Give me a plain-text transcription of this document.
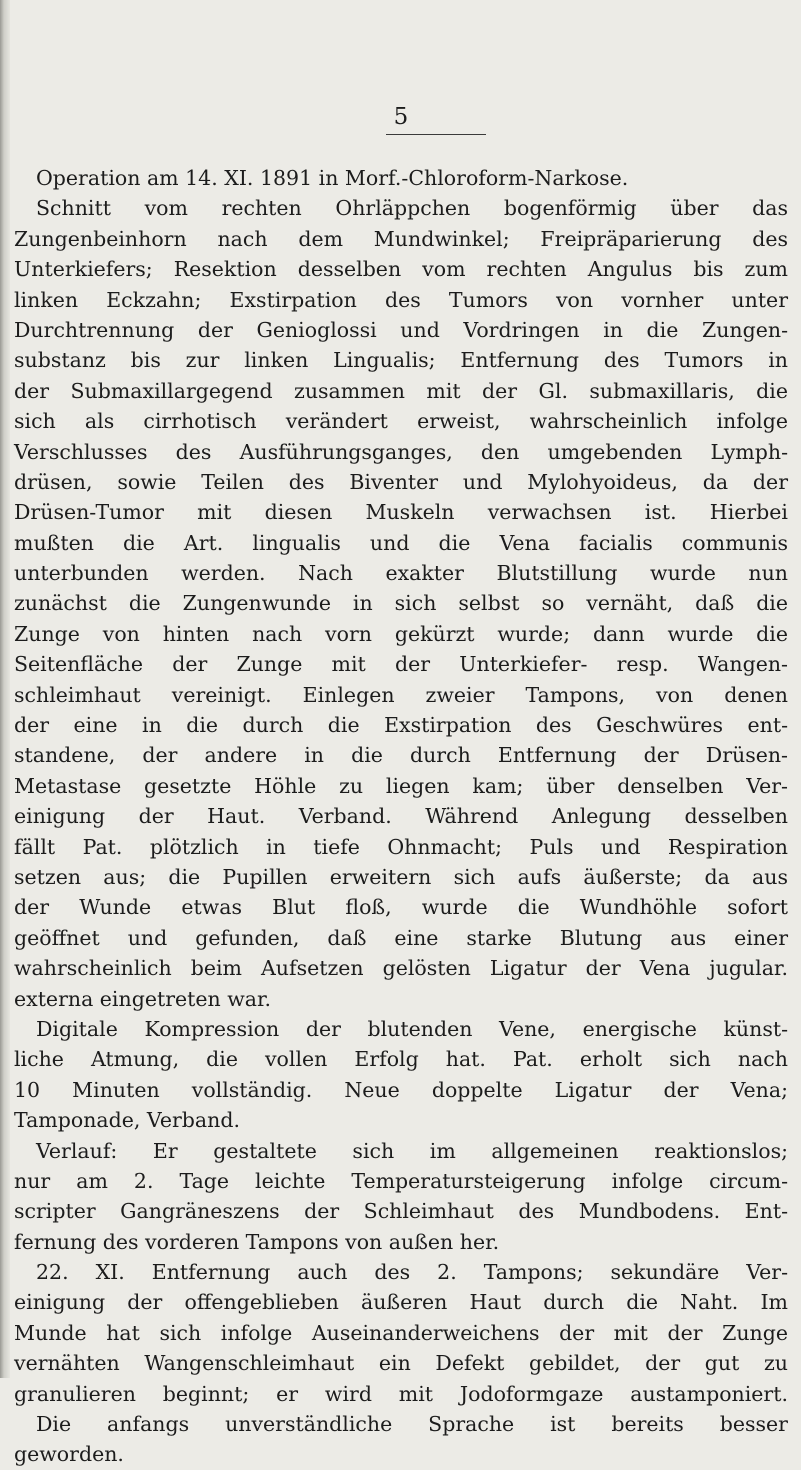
5
Operation am 14. XI. 1891 in Morf.-Chloroform-Narkose.
Schnitt vom rechten Ohrläppchen bogenförmig über das
Zungenbeinhorn nach dem Mundwinkel; Freipräparierung des
Unterkiefers; Resektion desselben vom rechten Angulus bis zum
linken Eckzahn; Exstirpation des Tumors von vornher unter
Durchtrennung der Genioglossi und Vordringen in die Zungen-
substanz bis zur linken Lingualis; Entfernung des Tumors in
der Submaxillargegend zusammen mit der Gl. submaxillaris, die
sich als cirrhotisch verändert erweist, wahrscheinlich infolge
Verschlusses des Ausführungsganges, den umgebenden Lymph-
drüsen, sowie Teilen des Biventer und Mylohyoideus, da der
Drüsen-Tumor mit diesen Muskeln verwachsen ist. Hierbei
mußten die Art. lingualis und die Vena facialis communis
unterbunden werden. Nach exakter Blutstillung wurde nun
zunächst die Zungenwunde in sich selbst so vernäht, daß die
Zunge von hinten nach vorn gekürzt wurde; dann wurde die
Seitenfläche der Zunge mit der Unterkiefer- resp. Wangen-
schleimhaut vereinigt. Einlegen zweier Tampons, von denen
der eine in die durch die Exstirpation des Geschwüres ent-
standene, der andere in die durch Entfernung der Drüsen-
Metastase gesetzte Höhle zu liegen kam; über denselben Ver-
einigung der Haut. Verband. Während Anlegung desselben
fällt Pat. plötzlich in tiefe Ohnmacht; Puls und Respiration
setzen aus; die Pupillen erweitern sich aufs äußerste; da aus
der Wunde etwas Blut floß, wurde die Wundhöhle sofort
geöffnet und gefunden, daß eine starke Blutung aus einer
wahrscheinlich beim Aufsetzen gelösten Ligatur der Vena jugular.
externa eingetreten war.
Digitale Kompression der blutenden Vene, energische künst-
liche Atmung, die vollen Erfolg hat. Pat. erholt sich nach
10 Minuten vollständig. Neue doppelte Ligatur der Vena;
Tamponade, Verband.
Verlauf: Er gestaltete sich im allgemeinen reaktionslos;
nur am 2. Tage leichte Temperatursteigerung infolge circum-
scripter Gangräneszens der Schleimhaut des Mundbodens. Ent-
fernung des vorderen Tampons von außen her.
22. XI. Entfernung auch des 2. Tampons; sekundäre Ver-
einigung der offengeblieben äußeren Haut durch die Naht. Im
Munde hat sich infolge Auseinanderweichens der mit der Zunge
vernähten Wangenschleimhaut ein Defekt gebildet, der gut zu
granulieren beginnt; er wird mit Jodoformgaze austamponiert.
Die anfangs unverständliche Sprache ist bereits besser
geworden.
